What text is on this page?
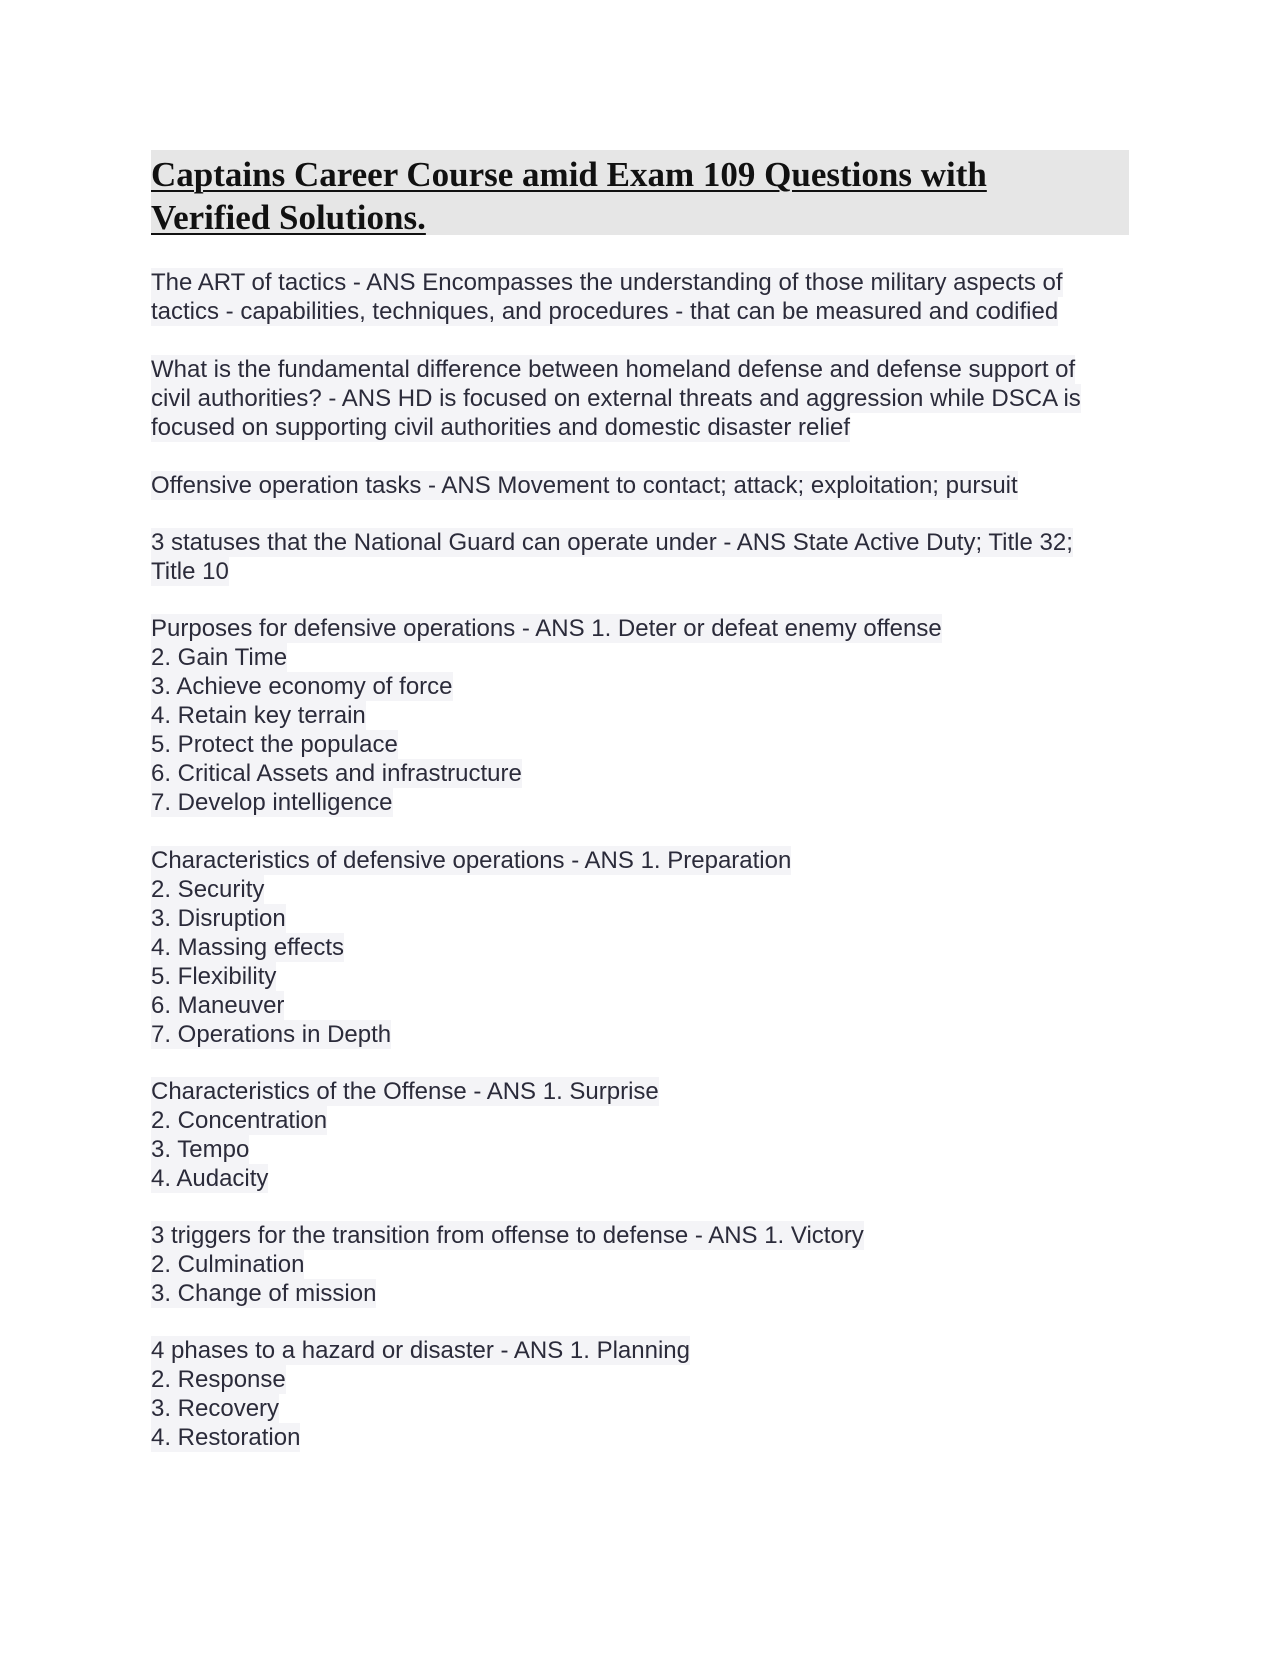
Captains Career Course amid Exam 109 Questions with

Verified Solutions.

The ART of tactics - ANS Encompasses the understanding of those military aspects of
tactics - capabilities, techniques, and procedures - that can be measured and codified
What is the fundamental difference between homeland defense and defense support of
civil authorities? - ANS HD is focused on external threats and aggression while DSCA is
focused on supporting civil authorities and domestic disaster relief
Offensive operation tasks - ANS Movement to contact; attack; exploitation; pursuit
3 statuses that the National Guard can operate under - ANS State Active Duty; Title 32;
Title 10
Purposes for defensive operations - ANS 1. Deter or defeat enemy offense
2. Gain Time
3. Achieve economy of force
4. Retain key terrain
5. Protect the populace
6. Critical Assets and infrastructure
7. Develop intelligence
Characteristics of defensive operations - ANS 1. Preparation
2. Security
3. Disruption
4. Massing effects
5. Flexibility
6. Maneuver
7. Operations in Depth
Characteristics of the Offense - ANS 1. Surprise
2. Concentration
3. Tempo
4. Audacity
3 triggers for the transition from offense to defense - ANS 1. Victory
2. Culmination
3. Change of mission
4 phases to a hazard or disaster - ANS 1. Planning
2. Response
3. Recovery
4. Restoration
